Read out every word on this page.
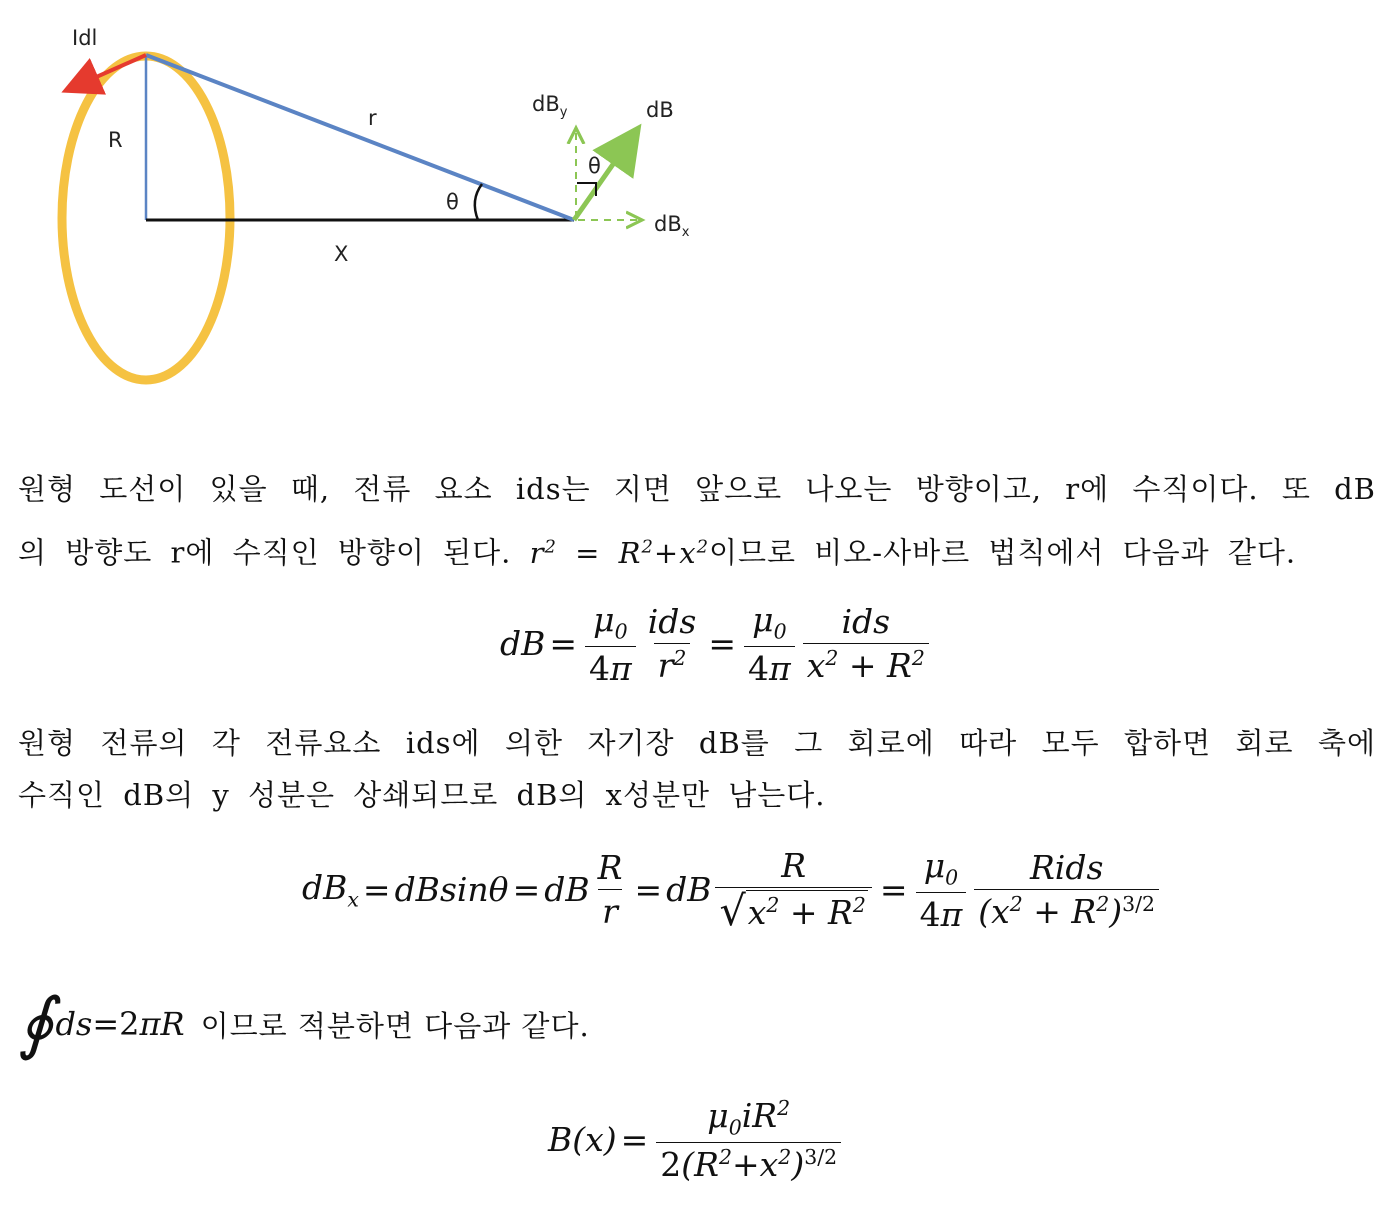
Idl
R
r
θ
X
θ
dB
$dB_y$
$dB_x$
원형 도선이 있을 때, 전류 요소 ids는 지면 앞으로 나오는 방향이고, r에 수직이다. 또 dB
의 방향도 r에 수직인 방향이 된다. $r^2 = R^2+x^2$이므로 비오-사바르 법칙에서 다음과 같다.
dB = $\frac{\mu_0}{4\pi} \frac{\text{ids}}{r^2} = \frac{\mu_0}{4\pi} \frac{\text{ids}}{x^2 + R^2}$
원형 전류의 각 전류요소 ids에 의한 자기장 dB를 그 회로에 따라 모두 합하면 회로 축에
수직인 dB의 y 성분은 상쇄되므로 dB의 x성분만 남는다.
$dB_x = dBsin\theta$ = dB $\frac{R}{r}$ = dB $\frac{R}{√ x^2 + R^2} = \frac{\mu_0}{4\pi} \frac{\text{Rids}}{(x^2 + R^2)^{3/2}}$
∮ ds=2πR 이므로 적분하면 다음과 같다.
$B(x) = \frac{\mu_0iR^2}{2(R^2+x^2)^{3/2}}$
